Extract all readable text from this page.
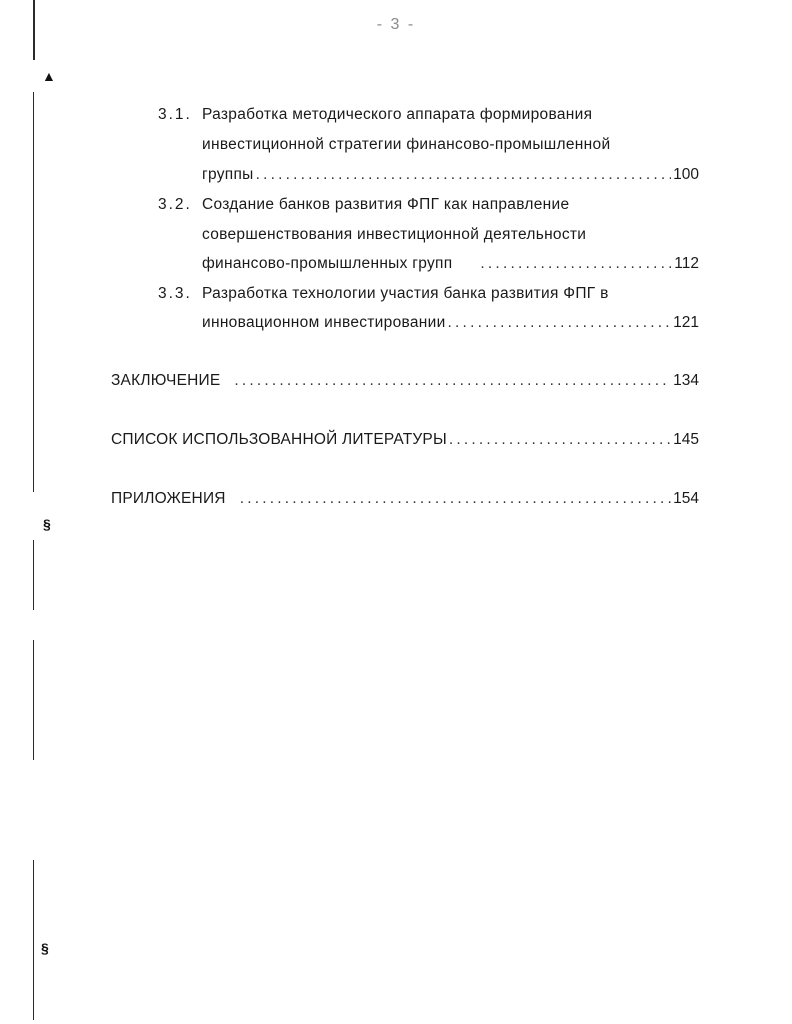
- 3 -
▲
§
§
3.1. Разработка методического аппарата формирования
инвестиционной стратегии финансово-промышленной
группы .....	100
3.2. Создание банков развития ФПГ как направление
совершенствования инвестиционной деятельности
финансово-промышленных групп .....	112
3.3. Разработка технологии участия банка развития ФПГ в
инновационном инвестировании .....	121
ЗАКЛЮЧЕНИЕ .....	134
СПИСОК ИСПОЛЬЗОВАННОЙ ЛИТЕРАТУРЫ .....	145
ПРИЛОЖЕНИЯ .....	154
